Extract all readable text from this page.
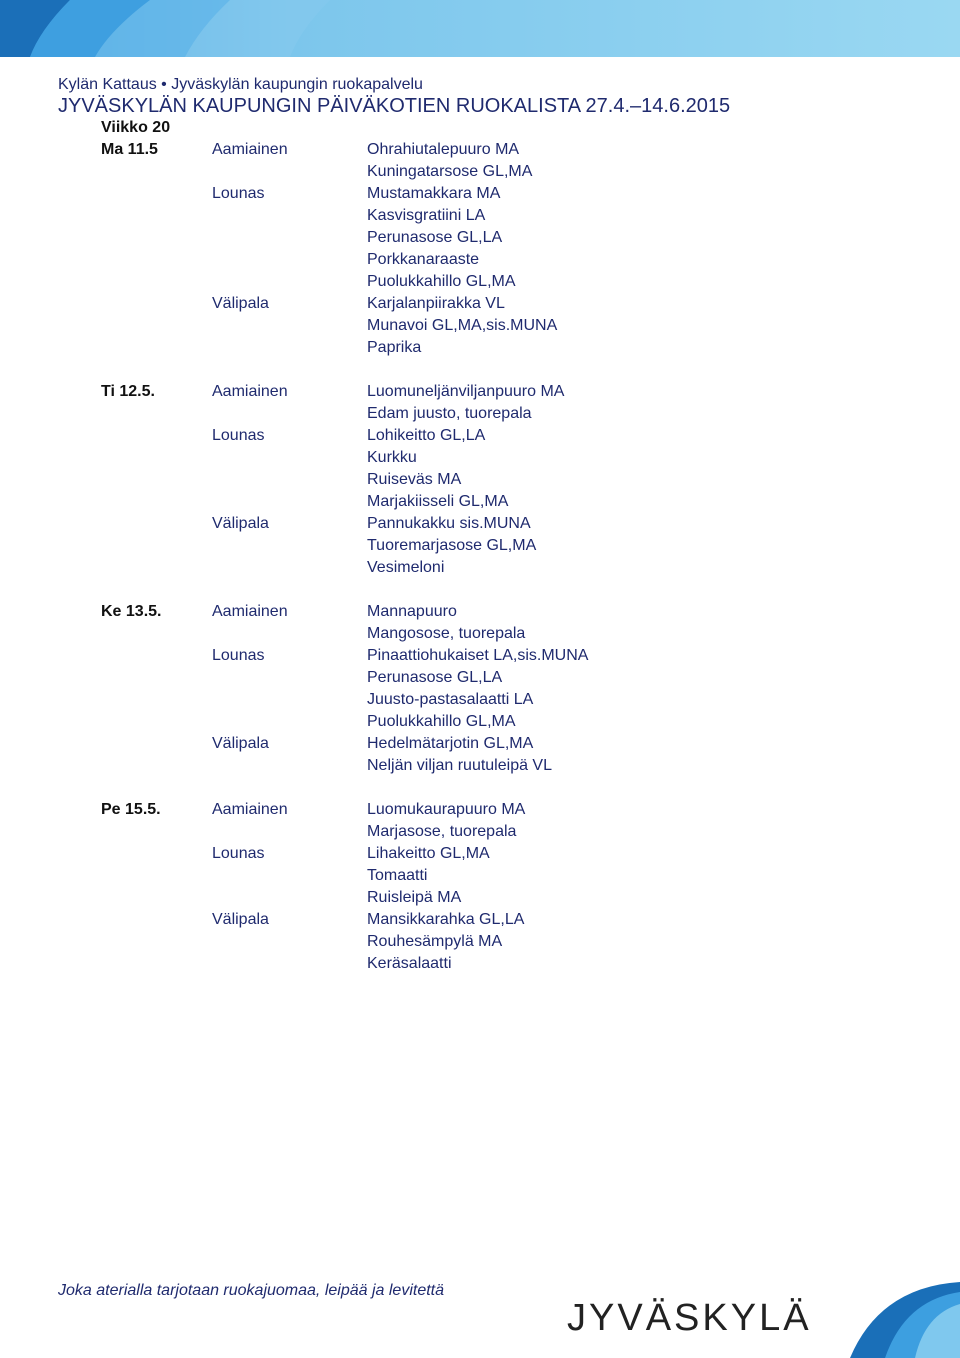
Kylän Kattaus • Jyväskylän kaupungin ruokapalvelu
JYVÄSKYLÄN KAUPUNGIN PÄIVÄKOTIEN RUOKALISTA 27.4.–14.6.2015
Viikko 20
Ma 11.5	Aamiainen	Ohrahiutalepuuro MA
Kuningatarsose GL,MA
Lounas	Mustamakkara MA
Kasvisgratiini LA
Perunasose GL,LA
Porkkanaraaste
Puolukkahillo GL,MA
Välipala	Karjalanpiirakka VL
Munavoi GL,MA,sis.MUNA
Paprika
Ti 12.5.	Aamiainen	Luomuneljänviljanpuuro MA
Edam juusto, tuorepala
Lounas	Lohikeitto GL,LA
Kurkku
Ruiseväs MA
Marjakiisseli GL,MA
Välipala	Pannukakku sis.MUNA
Tuoremarjasose GL,MA
Vesimeloni
Ke 13.5.	Aamiainen	Mannapuuro
Mangosose, tuorepala
Lounas	Pinaattiohukaiset LA,sis.MUNA
Perunasose GL,LA
Juusto-pastasalaatti LA
Puolukkahillo GL,MA
Välipala	Hedelmätarjotin GL,MA
Neljän viljan ruutuleipä VL
Pe 15.5.	Aamiainen	Luomukaurapuuro MA
Marjasose, tuorepala
Lounas	Lihakeitto GL,MA
Tomaatti
Ruisleipä MA
Välipala	Mansikkarahka GL,LA
Rouhesämpylä MA
Keräsalaatti
Joka aterialla tarjotaan ruokajuomaa, leipää ja levitettä
JYVÄSKYLÄ
